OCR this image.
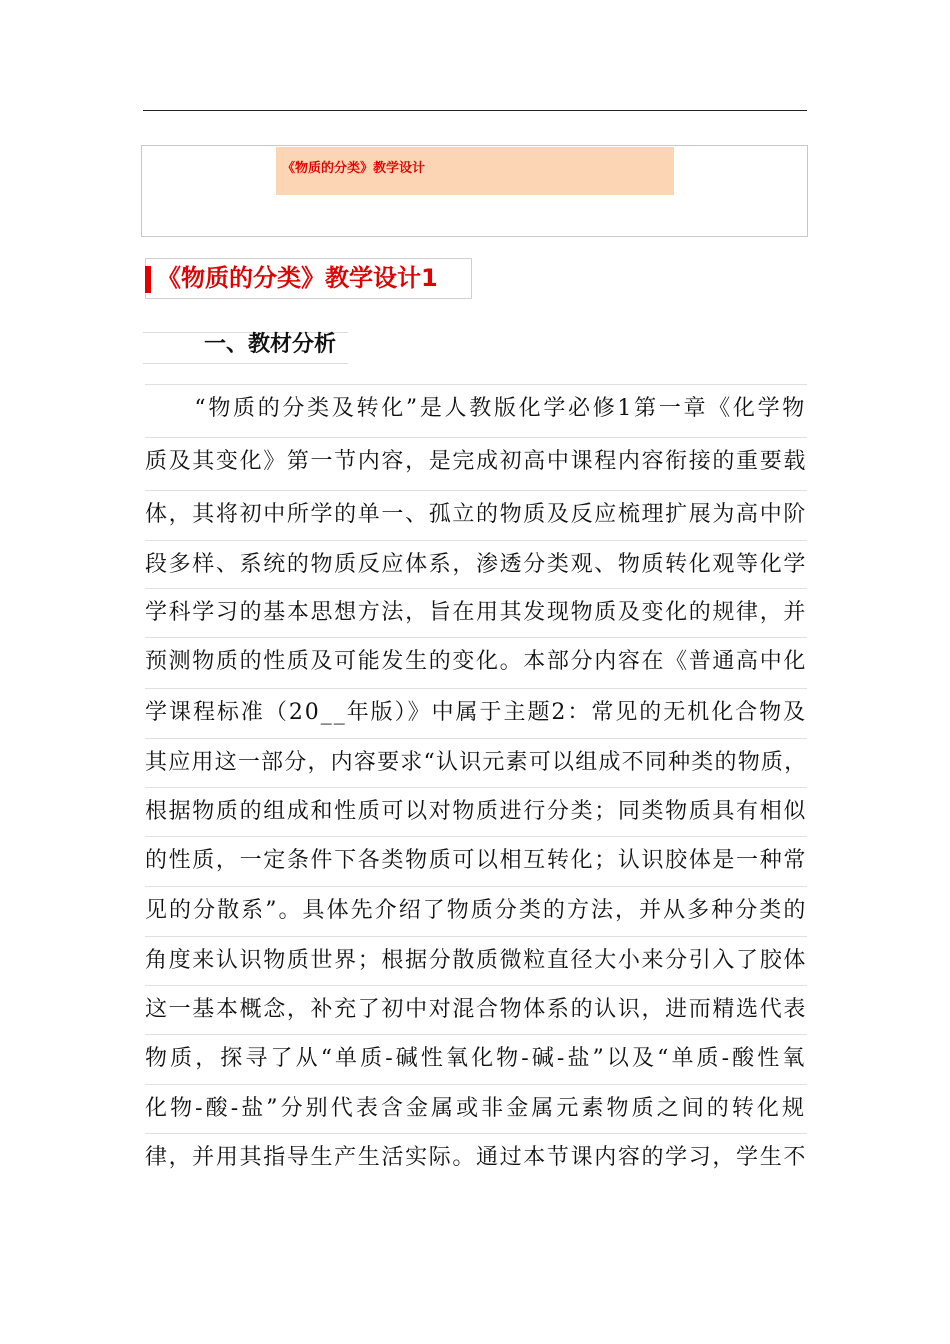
《物质的分类》教学设计
《物质的分类》教学设计1
一、教材分析
　　“物质的分类及转化”是人教版化学必修1第一章《化学物
质及其变化》第一节内容，是完成初高中课程内容衔接的重要载
体，其将初中所学的单一、孤立的物质及反应梳理扩展为高中阶
段多样、系统的物质反应体系，渗透分类观、物质转化观等化学
学科学习的基本思想方法，旨在用其发现物质及变化的规律，并
预测物质的性质及可能发生的变化。本部分内容在《普通高中化
学课程标准（20__年版）》中属于主题2：常见的无机化合物及
其应用这一部分，内容要求“认识元素可以组成不同种类的物质，
根据物质的组成和性质可以对物质进行分类；同类物质具有相似
的性质，一定条件下各类物质可以相互转化；认识胶体是一种常
见的分散系”。具体先介绍了物质分类的方法，并从多种分类的
角度来认识物质世界；根据分散质微粒直径大小来分引入了胶体
这一基本概念，补充了初中对混合物体系的认识，进而精选代表
物质，探寻了从“单质-碱性氧化物-碱-盐”以及“单质-酸性氧
化物-酸-盐”分别代表含金属或非金属元素物质之间的转化规
律，并用其指导生产生活实际。通过本节课内容的学习，学生不
